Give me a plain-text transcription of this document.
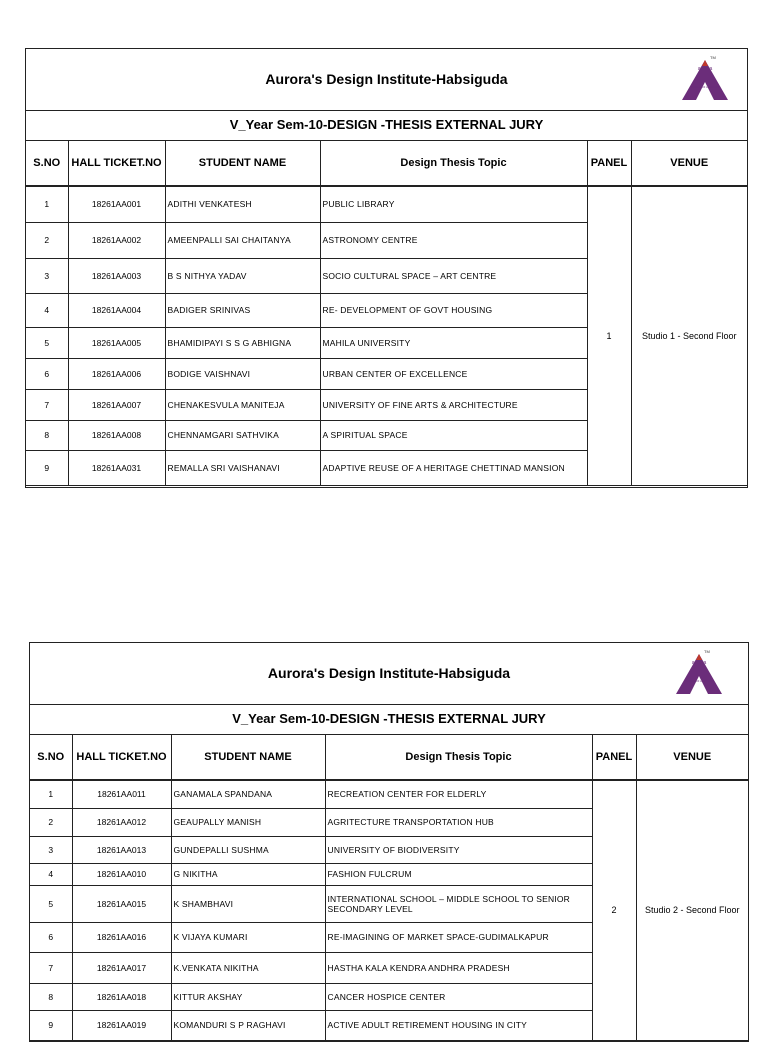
Aurora's Design Institute-Habsiguda
TM
aurora
TEMPLE OF LEARNING
V_Year Sem-10-DESIGN -THESIS EXTERNAL JURY
S.NO	HALL TICKET.NO	STUDENT NAME	Design Thesis Topic	PANEL	VENUE
1	18261AA001	ADITHI VENKATESH	PUBLIC LIBRARY	1	Studio 1 - Second Floor
2	18261AA002	AMEENPALLI SAI CHAITANYA	ASTRONOMY CENTRE		
3	18261AA003	B S NITHYA YADAV	SOCIO CULTURAL SPACE – ART CENTRE		
4	18261AA004	BADIGER SRINIVAS	RE- DEVELOPMENT OF GOVT HOUSING		
5	18261AA005	BHAMIDIPAYI S S G ABHIGNA	MAHILA UNIVERSITY		
6	18261AA006	BODIGE VAISHNAVI	URBAN CENTER OF EXCELLENCE		
7	18261AA007	CHENAKESVULA MANITEJA	UNIVERSITY OF FINE ARTS & ARCHITECTURE		
8	18261AA008	CHENNAMGARI SATHVIKA	A SPIRITUAL SPACE		
9	18261AA031	REMALLA SRI VAISHANAVI	ADAPTIVE REUSE OF A HERITAGE CHETTINAD MANSION		
Aurora's Design Institute-Habsiguda
TM
aurora
TEMPLE OF LEARNING
V_Year Sem-10-DESIGN -THESIS EXTERNAL JURY
S.NO	HALL TICKET.NO	STUDENT NAME	Design Thesis Topic	PANEL	VENUE
1	18261AA011	GANAMALA SPANDANA	RECREATION CENTER FOR ELDERLY	2	Studio 2 - Second Floor
2	18261AA012	GEAUPALLY MANISH	AGRITECTURE TRANSPORTATION HUB		
3	18261AA013	GUNDEPALLI SUSHMA	UNIVERSITY OF BIODIVERSITY		
4	18261AA010	G NIKITHA	FASHION FULCRUM		
5	18261AA015	K SHAMBHAVI	INTERNATIONAL SCHOOL – MIDDLE SCHOOL TO SENIOR SECONDARY LEVEL		
6	18261AA016	K VIJAYA KUMARI	RE-IMAGINING OF MARKET SPACE-GUDIMALKAPUR		
7	18261AA017	K.VENKATA NIKITHA	HASTHA KALA KENDRA ANDHRA PRADESH		
8	18261AA018	KITTUR AKSHAY	CANCER HOSPICE CENTER		
9	18261AA019	KOMANDURI S P RAGHAVI	ACTIVE ADULT RETIREMENT HOUSING IN CITY		
